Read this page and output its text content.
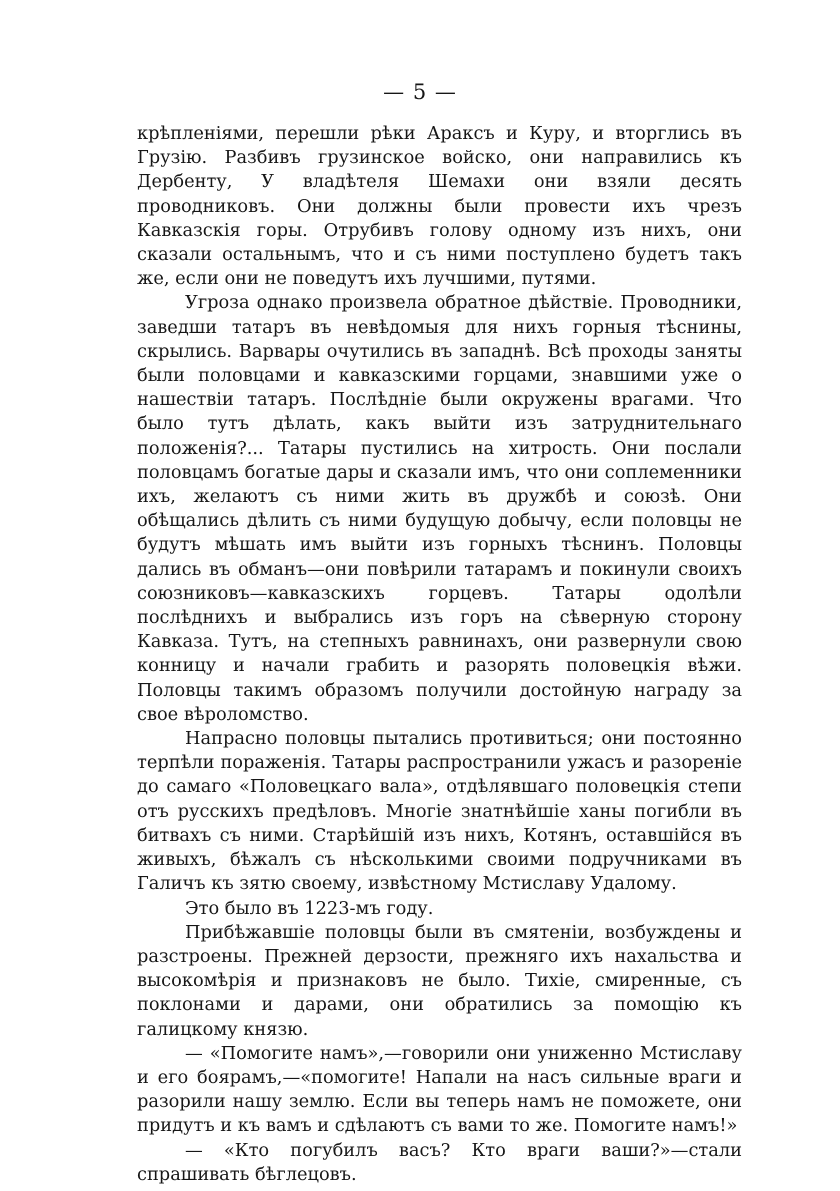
— 5 —

крѣпленіями, перешли рѣки Араксъ и Куру, и вторглись въ Грузію. Разбивъ грузинское войско, они направились къ Дербенту, У владѣтеля Шемахи они взяли десять проводниковъ. Они должны были провести ихъ чрезъ Кавказскія горы. Отрубивъ голову одному изъ нихъ, они сказали остальнымъ, что и съ ними поступлено будетъ такъ же, если они не поведутъ ихъ лучшими, путями.

Угроза однако произвела обратное дѣйствіе. Проводники, заведши татаръ въ невѣдомыя для нихъ горныя тѣснины, скрылись. Варвары очутились въ западнѣ. Всѣ проходы заняты были половцами и кавказскими горцами, знавшими уже о нашествіи татаръ. Послѣдніе были окружены врагами. Что было тутъ дѣлать, какъ выйти изъ затруднительнаго положенія?... Татары пустились на хитрость. Они послали половцамъ богатые дары и сказали имъ, что они соплеменники ихъ, желаютъ съ ними жить въ дружбѣ и союзѣ. Они обѣщались дѣлить съ ними будущую добычу, если половцы не будутъ мѣшать имъ выйти изъ горныхъ тѣснинъ. Половцы дались въ обманъ—они повѣрили татарамъ и покинули своихъ союзниковъ—кавказскихъ горцевъ. Татары одолѣли послѣднихъ и выбрались изъ горъ на сѣверную сторону Кавказа. Тутъ, на степныхъ равнинахъ, они развернули свою конницу и начали грабить и разорять половецкія вѣжи. Половцы такимъ образомъ получили достойную награду за свое вѣроломство.

Напрасно половцы пытались противиться; они постоянно терпѣли пораженія. Татары распространили ужасъ и разореніе до самаго «Половецкаго вала», отдѣлявшаго половецкія степи отъ русскихъ предѣловъ. Многіе знатнѣйшіе ханы погибли въ битвахъ съ ними. Старѣйшій изъ нихъ, Котянъ, оставшійся въ живыхъ, бѣжалъ съ нѣсколькими своими подручниками въ Галичъ къ зятю своему, извѣстному Мстиславу Удалому.

Это было въ 1223-мъ году.

Прибѣжавшіе половцы были въ смятеніи, возбуждены и разстроены. Прежней дерзости, прежняго ихъ нахальства и высокомѣрія и признаковъ не было. Тихіе, смиренные, съ поклонами и дарами, они обратились за помощію къ галицкому князю.

— «Помогите намъ»,—говорили они униженно Мстиславу и его боярамъ,—«помогите! Напали на насъ сильные враги и разорили нашу землю. Если вы теперь намъ не поможете, они придутъ и къ вамъ и сдѣлаютъ съ вами то же. Помогите намъ!»

— «Кто погубилъ васъ? Кто враги ваши?»—стали спрашивать бѣглецовъ.
